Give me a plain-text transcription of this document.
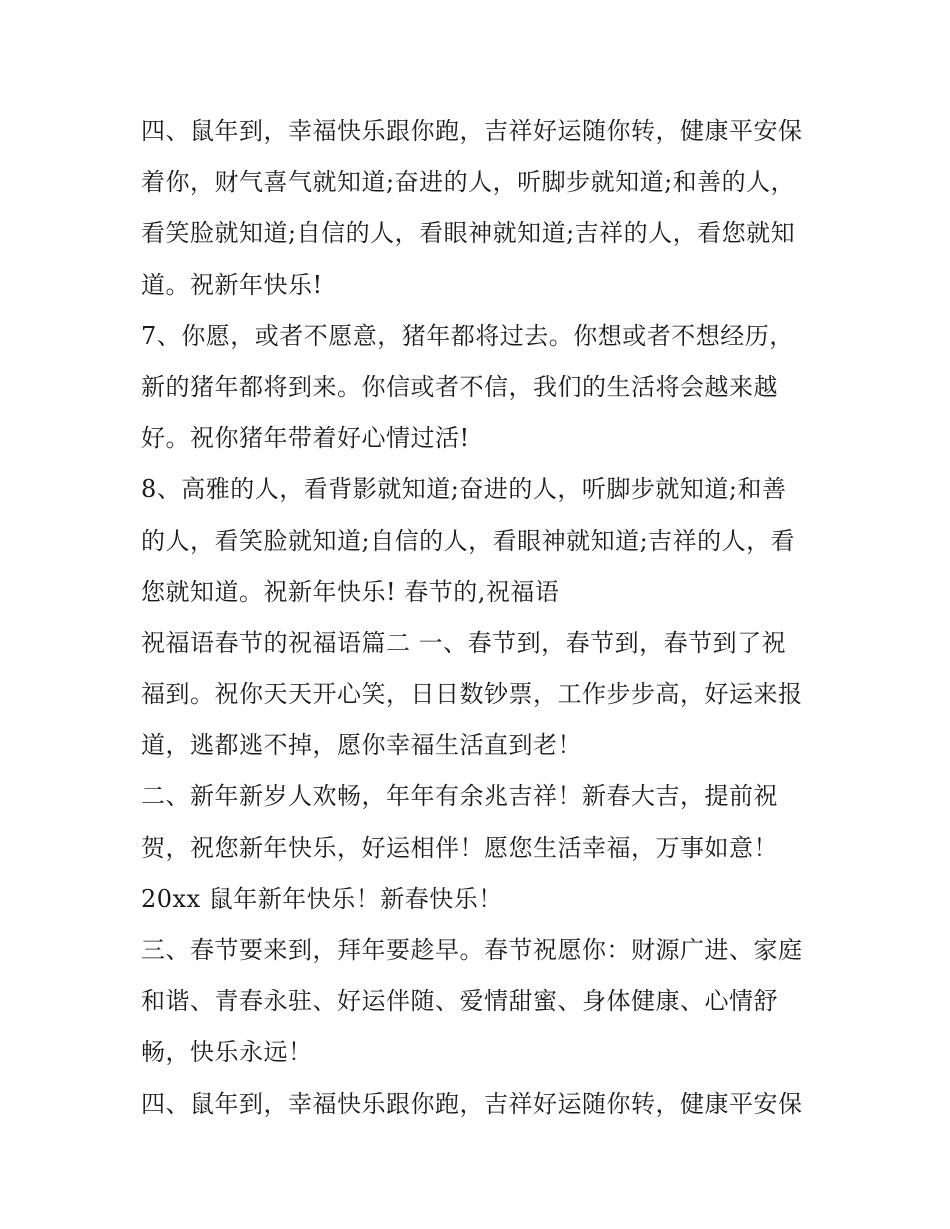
四、鼠年到，幸福快乐跟你跑，吉祥好运随你转，健康平安保
着你，财气喜气就知道;奋进的人，听脚步就知道;和善的人，
看笑脸就知道;自信的人，看眼神就知道;吉祥的人，看您就知
道。祝新年快乐!
7、你愿，或者不愿意，猪年都将过去。你想或者不想经历，
新的猪年都将到来。你信或者不信，我们的生活将会越来越
好。祝你猪年带着好心情过活!
8、高雅的人，看背影就知道;奋进的人，听脚步就知道;和善
的人，看笑脸就知道;自信的人，看眼神就知道;吉祥的人，看
您就知道。祝新年快乐! 春节的,祝福语
祝福语春节的祝福语篇二 一、春节到，春节到，春节到了祝
福到。祝你天天开心笑，日日数钞票，工作步步高，好运来报
道，逃都逃不掉，愿你幸福生活直到老！
二、新年新岁人欢畅，年年有余兆吉祥！新春大吉，提前祝
贺，祝您新年快乐，好运相伴！愿您生活幸福，万事如意！
20xx 鼠年新年快乐！新春快乐！
三、春节要来到，拜年要趁早。春节祝愿你：财源广进、家庭
和谐、青春永驻、好运伴随、爱情甜蜜、身体健康、心情舒
畅，快乐永远！
四、鼠年到，幸福快乐跟你跑，吉祥好运随你转，健康平安保
